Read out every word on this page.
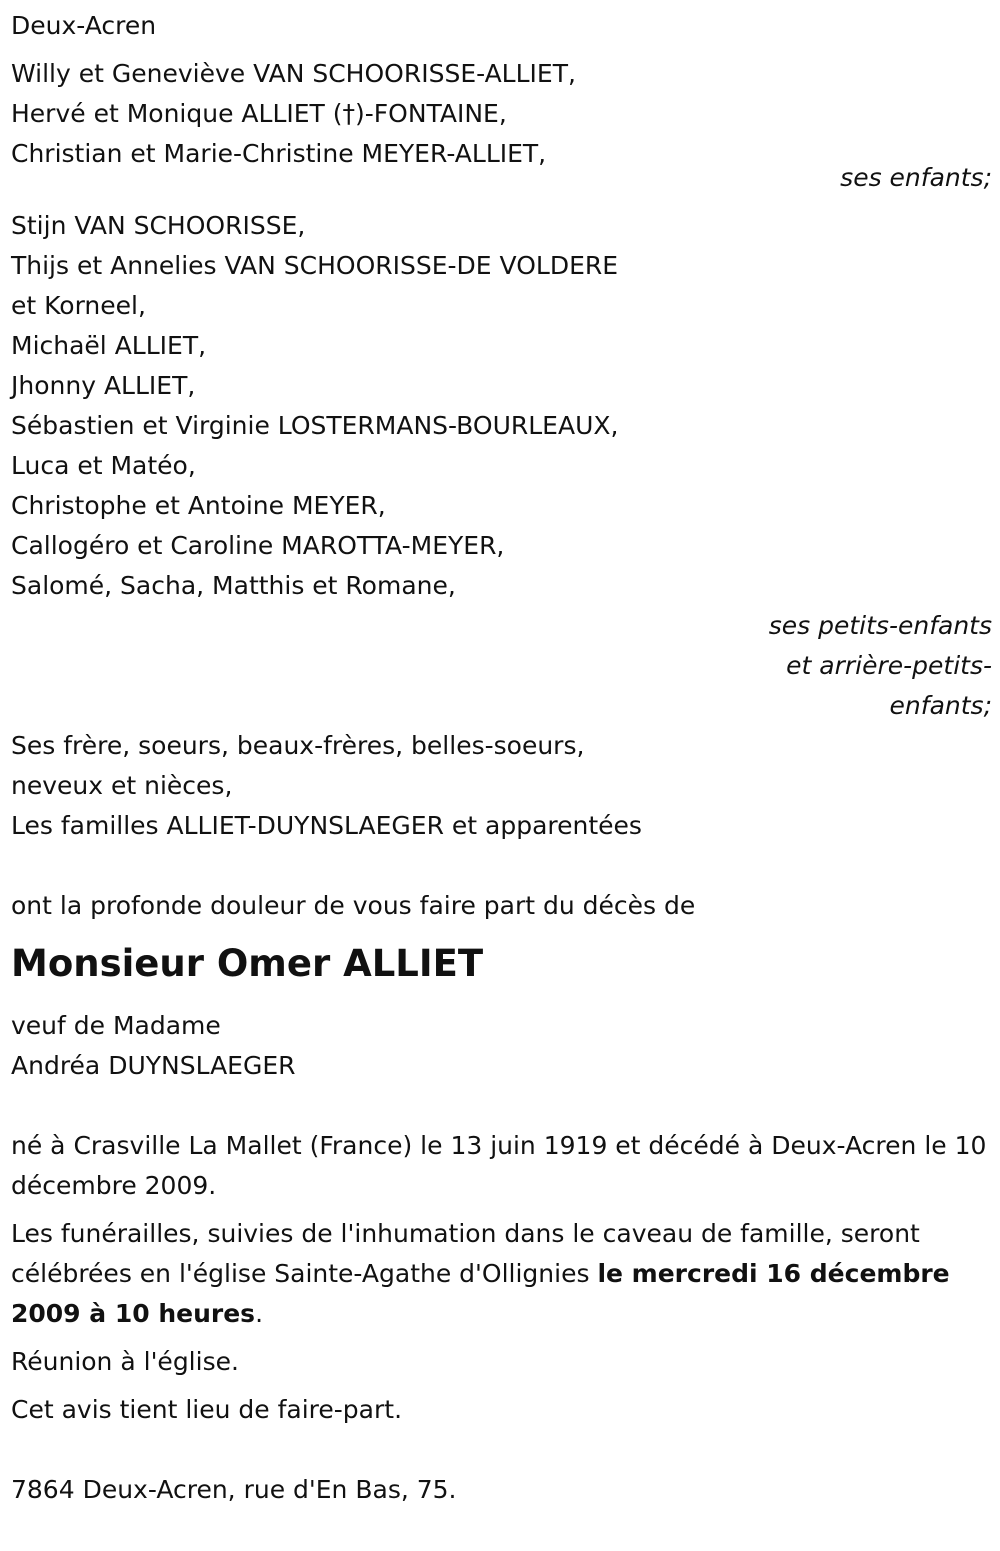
Deux-Acren
Willy et Geneviève VAN SCHOORISSE-ALLIET,
Hervé et Monique ALLIET (†)-FONTAINE,
Christian et Marie-Christine MEYER-ALLIET,
ses enfants;
Stijn VAN SCHOORISSE,
Thijs et Annelies VAN SCHOORISSE-DE VOLDERE
et Korneel,
Michaël ALLIET,
Jhonny ALLIET,
Sébastien et Virginie LOSTERMANS-BOURLEAUX,
Luca et Matéo,
Christophe et Antoine MEYER,
Callogéro et Caroline MAROTTA-MEYER,
Salomé, Sacha, Matthis et Romane,
ses petits-enfants
et arrière-petits-
enfants;
Ses frère, soeurs, beaux-frères, belles-soeurs,
neveux et nièces,
Les familles ALLIET-DUYNSLAEGER et apparentées
ont la profonde douleur de vous faire part du décès de
Monsieur Omer ALLIET
veuf de Madame
Andréa DUYNSLAEGER
né à Crasville La Mallet (France) le 13 juin 1919 et décédé à Deux-Acren le 10 décembre 2009.
Les funérailles, suivies de l'inhumation dans le caveau de famille, seront célébrées en l'église Sainte-Agathe d'Ollignies le mercredi 16 décembre 2009 à 10 heures.
Réunion à l'église.
Cet avis tient lieu de faire-part.
7864 Deux-Acren, rue d'En Bas, 75.
